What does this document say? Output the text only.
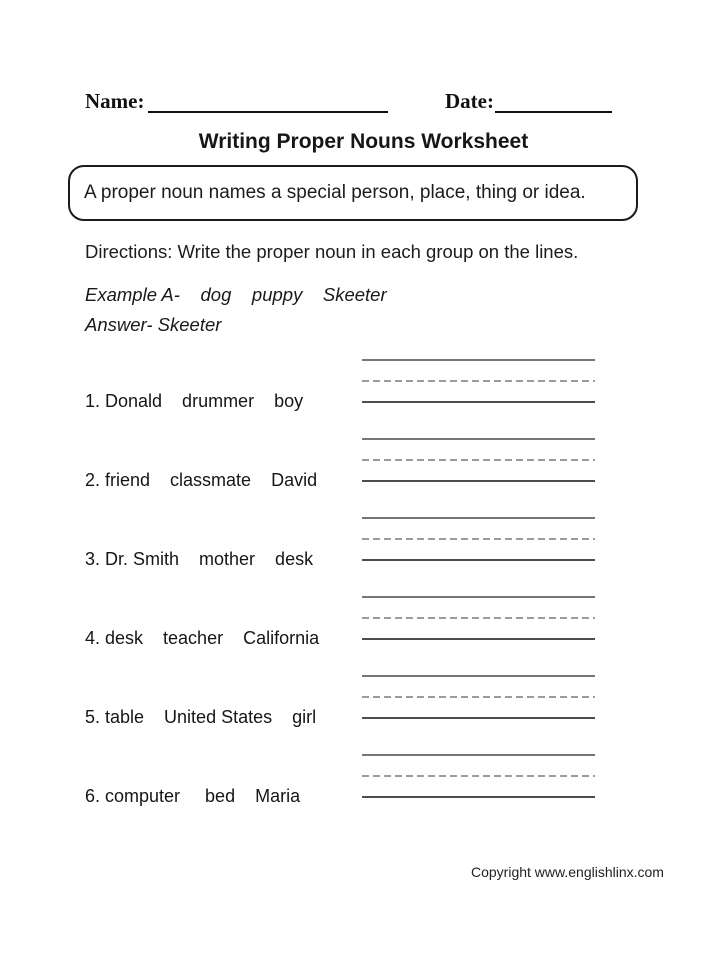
Name:	Date:
Writing Proper Nouns Worksheet
A proper noun names a special person, place, thing or idea.
Directions: Write the proper noun in each group on the lines.
Example A-    dog    puppy    Skeeter
Answer- Skeeter
1. Donald    drummer    boy
2. friend    classmate    David
3. Dr. Smith    mother    desk
4. desk    teacher    California
5. table    United States    girl
6. computer     bed    Maria
Copyright www.englishlinx.com
